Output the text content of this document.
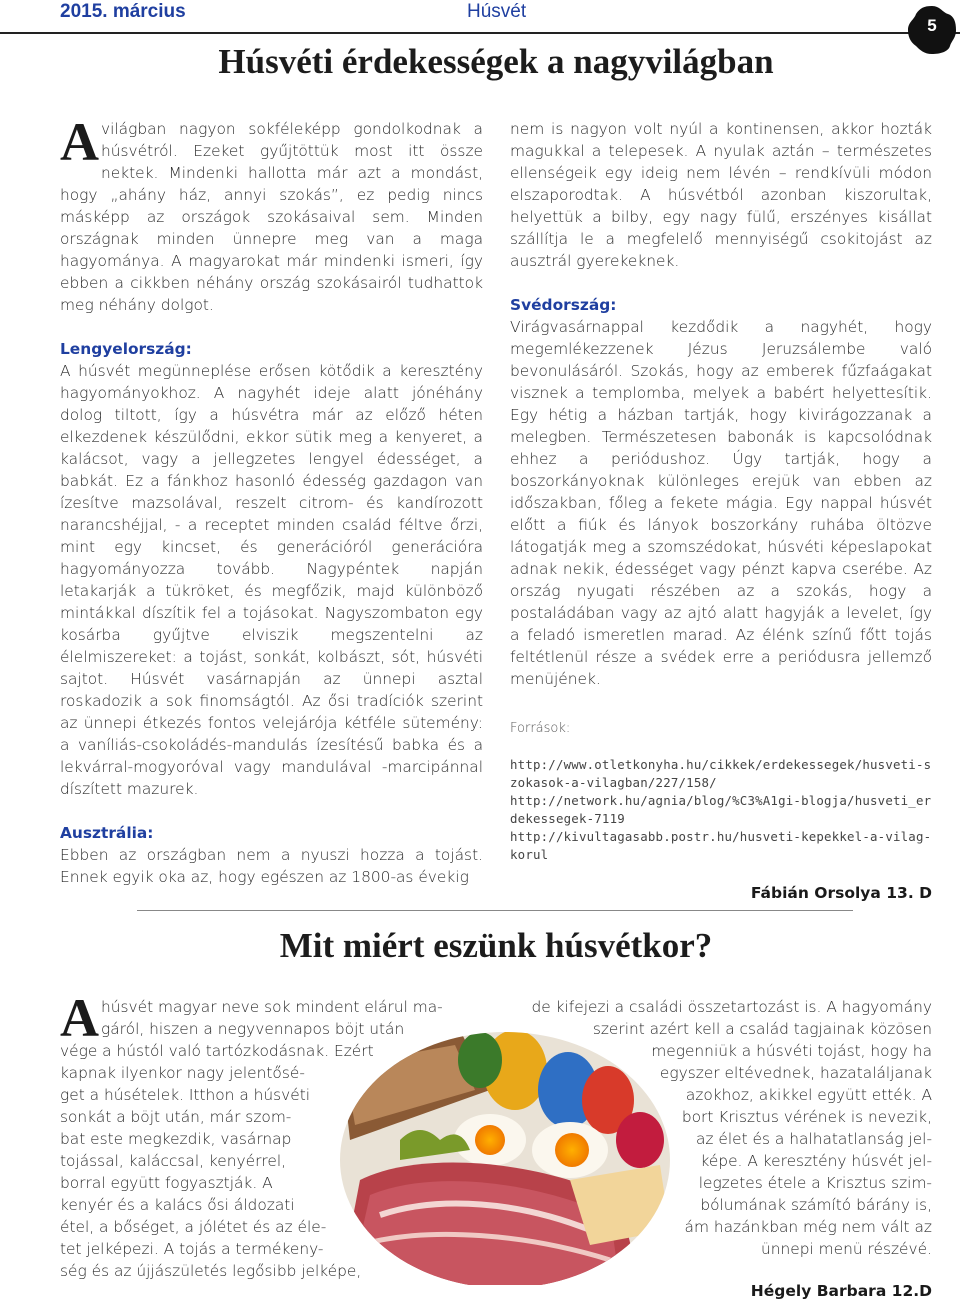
2015. március	Húsvét
5
Húsvéti érdekességek a nagyvilágban

Avilágban nagyon sokféleképp gondolkodnak a húsvétról. Ezeket gyűjtöttük most itt össze nektek. Mindenki hallotta már azt a mondást, hogy „ahány ház, annyi szokás”, ez pedig nincs másképp az országok szokásaival sem. Minden országnak minden ünnepre meg van a maga hagyománya. A magyarokat már mindenki ismeri, így ebben a cikkben néhány ország szokásairól tudhattok meg néhány dolgot.

Lengyelország:

A húsvét megünneplése erősen kötődik a keresztény hagyományokhoz. A nagyhét ideje alatt jónéhány dolog tiltott, így a húsvétra már az előző héten elkezdenek készülődni, ekkor sütik meg a kenyeret, a kalácsot, vagy a jellegzetes lengyel édességet, a babkát. Ez a fánkhoz hasonló édesség gazdagon van ízesítve mazsolával, reszelt citrom- és kandírozott narancshéjjal, - a receptet minden család féltve őrzi, mint egy kincset, és generációról generációra hagyományozza tovább. Nagypéntek napján letakarják a tükröket, és megfőzik, majd különböző mintákkal díszítik fel a tojásokat. Nagyszombaton egy kosárba gyűjtve elviszik megszentelni az élelmiszereket: a tojást, sonkát, kolbászt, sót, húsvéti sajtot. Húsvét vasárnapján az ünnepi asztal roskadozik a sok finomságtól. Az ősi tradíciók szerint az ünnepi étkezés fontos velejárója kétféle sütemény: a vaníliás-csokoládés-mandulás ízesítésű babka és a lekvárral-mogyoróval vagy mandulával -marcipánnal díszített mazurek.

Ausztrália:

Ebben az országban nem a nyuszi hozza a tojást. Ennek egyik oka az, hogy egészen az 1800-as évekig

nem is nagyon volt nyúl a kontinensen, akkor hozták magukkal a telepesek. A nyulak aztán – természetes ellenségeik egy ideig nem lévén – rendkívüli módon elszaporodtak. A húsvétból azonban kiszorultak, helyettük a bilby, egy nagy fülű, erszényes kisállat szállítja le a megfelelő mennyiségű csokitojást az ausztrál gyerekeknek.

Svédország:

Virágvasárnappal kezdődik a nagyhét, hogy megemlékezzenek Jézus Jeruzsálembe való bevonulásáról. Szokás, hogy az emberek fűzfaágakat visznek a templomba, melyek a babért helyettesítik. Egy hétig a házban tartják, hogy kivirágozzanak a melegben. Természetesen babonák is kapcsolódnak ehhez a periódushoz. Úgy tartják, hogy a boszorkányoknak különleges erejük van ebben az időszakban, főleg a fekete mágia. Egy nappal húsvét előtt a fiúk és lányok boszorkány ruhába öltözve látogatják meg a szomszédokat, húsvéti képeslapokat adnak nekik, édességet vagy pénzt kapva cserébe. Az ország nyugati részében az a szokás, hogy a postaládában vagy az ajtó alatt hagyják a levelet, így a feladó ismeretlen marad. Az élénk színű főtt tojás feltétlenül része a svédek erre a periódusra jellemző menüjének.

Források:
http://www.otletkonyha.hu/cikkek/erdekessegek/husveti-szokasok-a-vilagban/227/158/
http://network.hu/agnia/blog/%C3%A1gi-blogja/husveti_erdekessegek-7119
http://kivultagasabb.postr.hu/husveti-kepekkel-a-vilag-korul
Fábián Orsolya 13. D
Mit miért eszünk húsvétkor?
Ahúsvét magyar neve sok mindent elárul ma-
gáról, hiszen a negyvennapos böjt után
vége a hústól való tartózkodásnak. Ezért
kapnak ilyenkor nagy jelentősé-
get a húsételek. Itthon a húsvéti
sonkát a böjt után, már szom-
bat este megkezdik, vasárnap
tojással, kaláccsal, kenyérrel,
borral együtt fogyasztják. A
kenyér és a kalács ősi áldozati
étel, a bőséget, a jólétet és az éle-
tet jelképezi. A tojás a termékeny-
ség és az újjászületés legősibb jelképe,
de kifejezi a családi összetartozást is. A hagyomány
szerint azért kell a család tagjainak közösen
megenniük a húsvéti tojást, hogy ha
egyszer eltévednek, hazataláljanak
azokhoz, akikkel együtt ették. A
bort Krisztus vérének is nevezik,
az élet és a halhatatlanság jel-
képe. A keresztény húsvét jel-
legzetes étele a Krisztus szim-
bólumának számító bárány is,
ám hazánkban még nem vált az
ünnepi menü részévé.
Hégely Barbara 12.D
